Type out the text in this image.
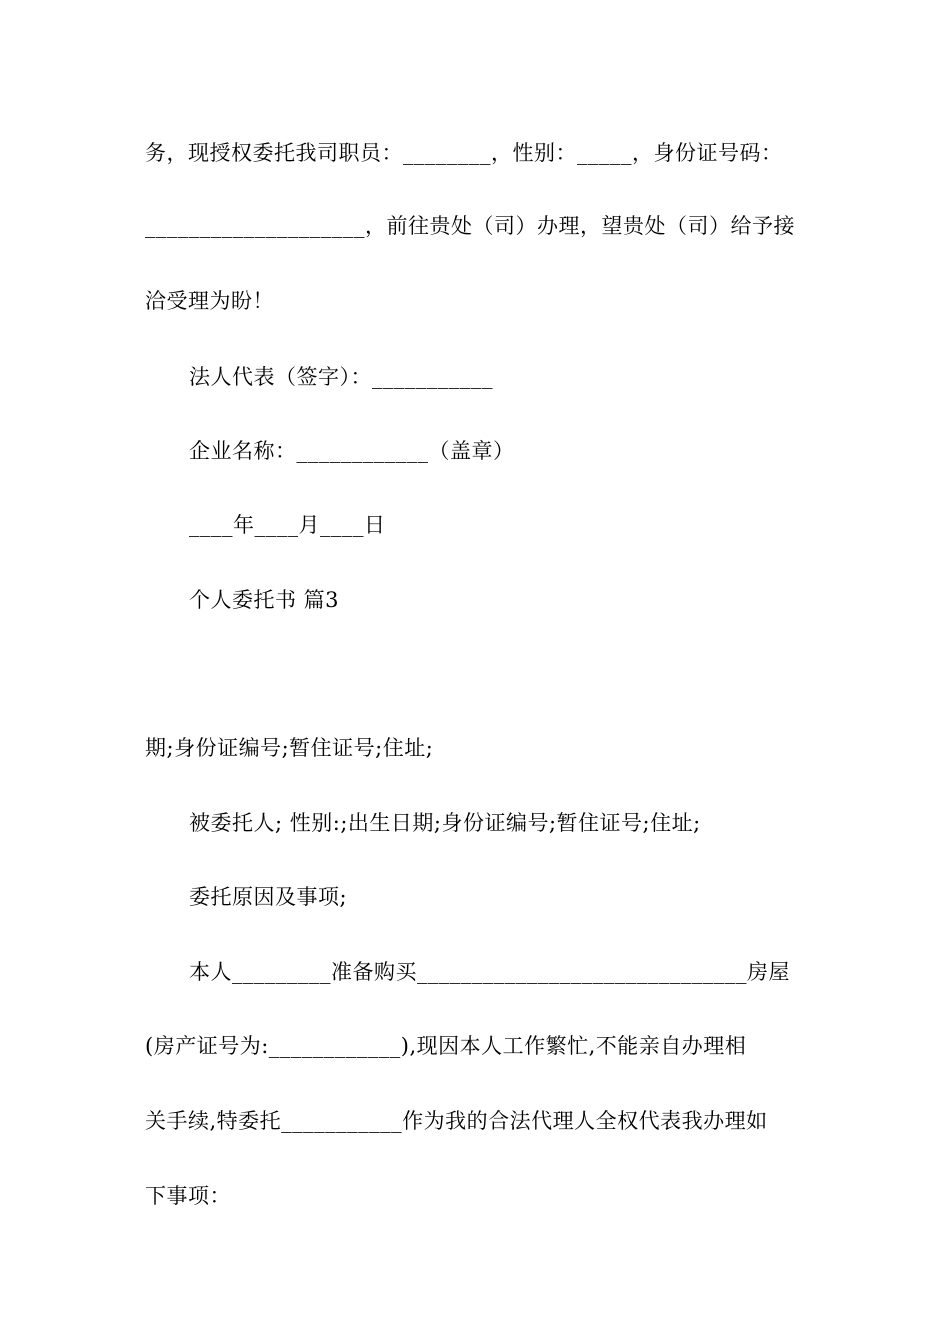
务，现授权委托我司职员：________，性别：_____，身份证号码：
____________________，前往贵处（司）办理，望贵处（司）给予接
洽受理为盼！
法人代表（签字）：___________
企业名称：____________（盖章）
____年____月____日
个人委托书 篇3
期;身份证编号;暂住证号;住址;
被委托人; 性别:;出生日期;身份证编号;暂住证号;住址;
委托原因及事项;
本人_________准备购买______________________________房屋
(房产证号为:____________),现因本人工作繁忙,不能亲自办理相
关手续,特委托___________作为我的合法代理人全权代表我办理如
下事项：
